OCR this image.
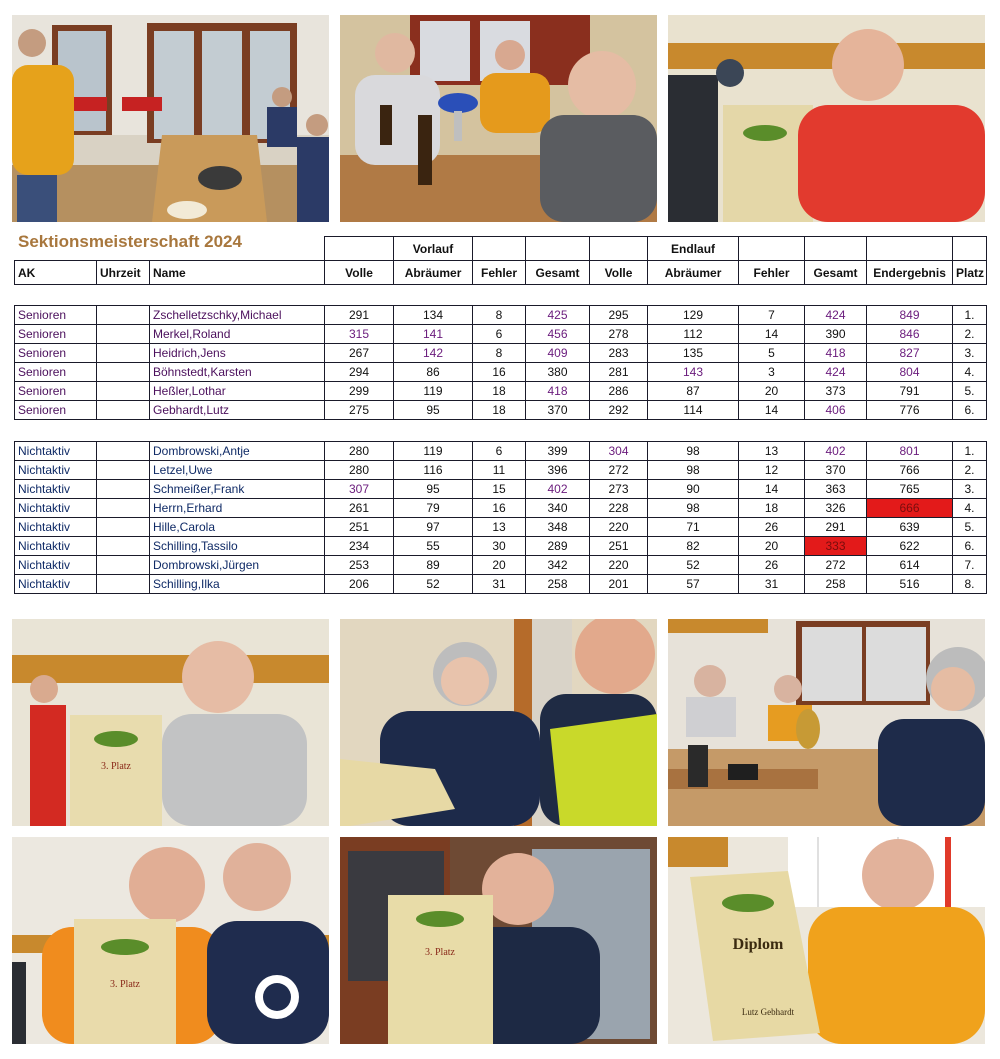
Sektionsmeisterschaft 2024
				Vorlauf				Endlauf				
AK	Uhrzeit	Name	Volle	Abräumer	Fehler	Gesamt	Volle	Abräumer	Fehler	Gesamt	Endergebnis	Platz
Senioren		Zschelletzschky,Michael	291	134	8	425	295	129	7	424	849	1.
Senioren		Merkel,Roland	315	141	6	456	278	112	14	390	846	2.
Senioren		Heidrich,Jens	267	142	8	409	283	135	5	418	827	3.
Senioren		Böhnstedt,Karsten	294	86	16	380	281	143	3	424	804	4.
Senioren		Heßler,Lothar	299	119	18	418	286	87	20	373	791	5.
Senioren		Gebhardt,Lutz	275	95	18	370	292	114	14	406	776	6.
Nichtaktiv		Dombrowski,Antje	280	119	6	399	304	98	13	402	801	1.
Nichtaktiv		Letzel,Uwe	280	116	11	396	272	98	12	370	766	2.
Nichtaktiv		Schmeißer,Frank	307	95	15	402	273	90	14	363	765	3.
Nichtaktiv		Herrn,Erhard	261	79	16	340	228	98	18	326	666	4.
Nichtaktiv		Hille,Carola	251	97	13	348	220	71	26	291	639	5.
Nichtaktiv		Schilling,Tassilo	234	55	30	289	251	82	20	333	622	6.
Nichtaktiv		Dombrowski,Jürgen	253	89	20	342	220	52	26	272	614	7.
Nichtaktiv		Schilling,Ilka	206	52	31	258	201	57	31	258	516	8.
3. Platz
3. Platz
3. Platz	Diplom
Lutz Gebhardt
